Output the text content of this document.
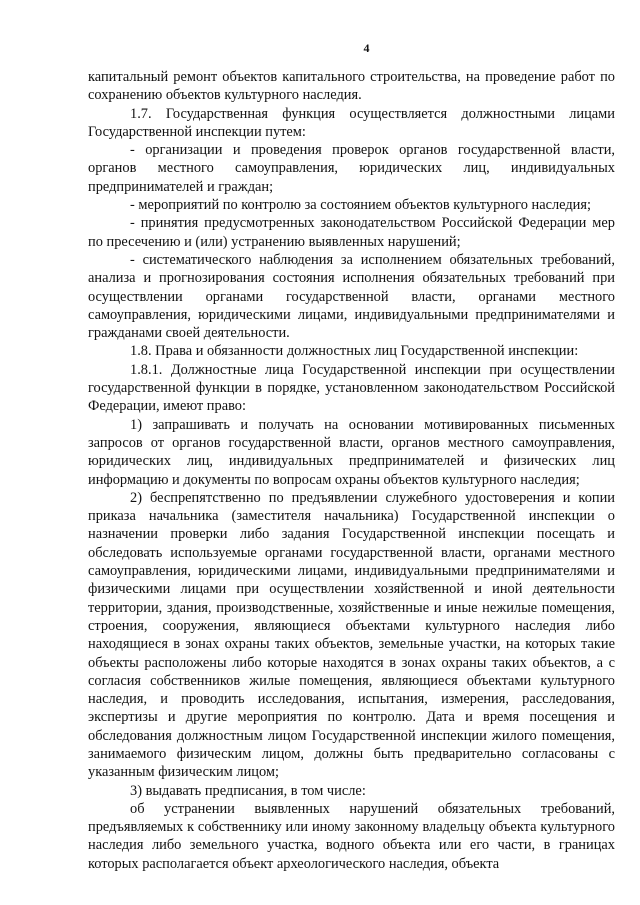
4

капитальный ремонт объектов капитального строительства, на проведение работ по сохранению объектов культурного наследия.

1.7. Государственная функция осуществляется должностными лицами Государственной инспекции путем:

- организации и проведения проверок органов государственной власти, органов местного самоуправления, юридических лиц, индивидуальных предпринимателей и граждан;

- мероприятий по контролю за состоянием объектов культурного наследия;

- принятия предусмотренных законодательством Российской Федерации мер по пресечению и (или) устранению выявленных нарушений;

- систематического наблюдения за исполнением обязательных требований, анализа и прогнозирования состояния исполнения обязательных требований при осуществлении органами государственной власти, органами местного самоуправления, юридическими лицами, индивидуальными предпринимателями и гражданами своей деятельности.

1.8. Права и обязанности должностных лиц Государственной инспекции:

1.8.1. Должностные лица Государственной инспекции при осуществлении государственной функции в порядке, установленном законодательством Российской Федерации, имеют право:

1) запрашивать и получать на основании мотивированных письменных запросов от органов государственной власти, органов местного самоуправления, юридических лиц, индивидуальных предпринимателей и физических лиц информацию и документы по вопросам охраны объектов культурного наследия;

2) беспрепятственно по предъявлении служебного удостоверения и копии приказа начальника (заместителя начальника) Государственной инспекции о назначении проверки либо задания Государственной инспекции посещать и обследовать используемые органами государственной власти, органами местного самоуправления, юридическими лицами, индивидуальными предпринимателями и физическими лицами при осуществлении хозяйственной и иной деятельности территории, здания, производственные, хозяйственные и иные нежилые помещения, строения, сооружения, являющиеся объектами культурного наследия либо находящиеся в зонах охраны таких объектов, земельные участки, на которых такие объекты расположены либо которые находятся в зонах охраны таких объектов, а с согласия собственников жилые помещения, являющиеся объектами культурного наследия, и проводить исследования, испытания, измерения, расследования, экспертизы и другие мероприятия по контролю. Дата и время посещения и обследования должностным лицом Государственной инспекции жилого помещения, занимаемого физическим лицом, должны быть предварительно согласованы с указанным физическим лицом;

3) выдавать предписания, в том числе:

об устранении выявленных нарушений обязательных требований, предъявляемых к собственнику или иному законному владельцу объекта культурного наследия либо земельного участка, водного объекта или его части, в границах которых располагается объект археологического наследия, объекта
